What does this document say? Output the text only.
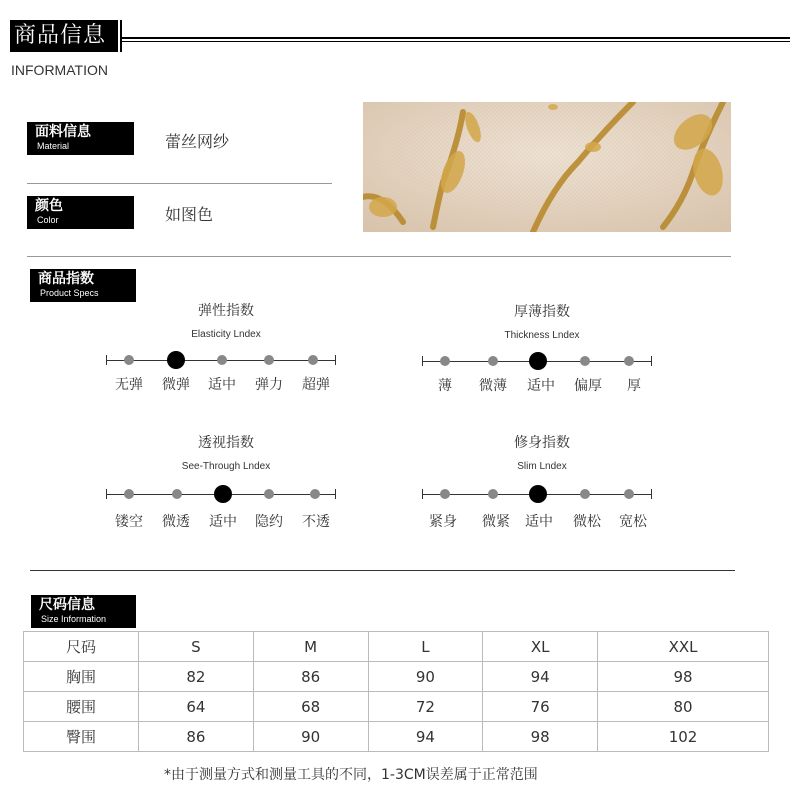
商品信息
INFORMATION
面料信息
Material	蕾丝网纱
颜色
Color	如图色
商品指数
Product Specs
弹性指数
Elasticity Lndex
无弹	微弹	适中	弹力	超弹
厚薄指数
Thickness Lndex
薄	微薄	适中	偏厚	厚
透视指数
See-Through Lndex
镂空	微透	适中	隐约	不透
修身指数
Slim Lndex
紧身	微紧	适中	微松	宽松
尺码信息
Size Information
尺码	S	M	L	XL	XXL
胸围	82	86	90	94	98
腰围	64	68	72	76	80
臀围	86	90	94	98	102
*由于测量方式和测量工具的不同，1-3CM误差属于正常范围
